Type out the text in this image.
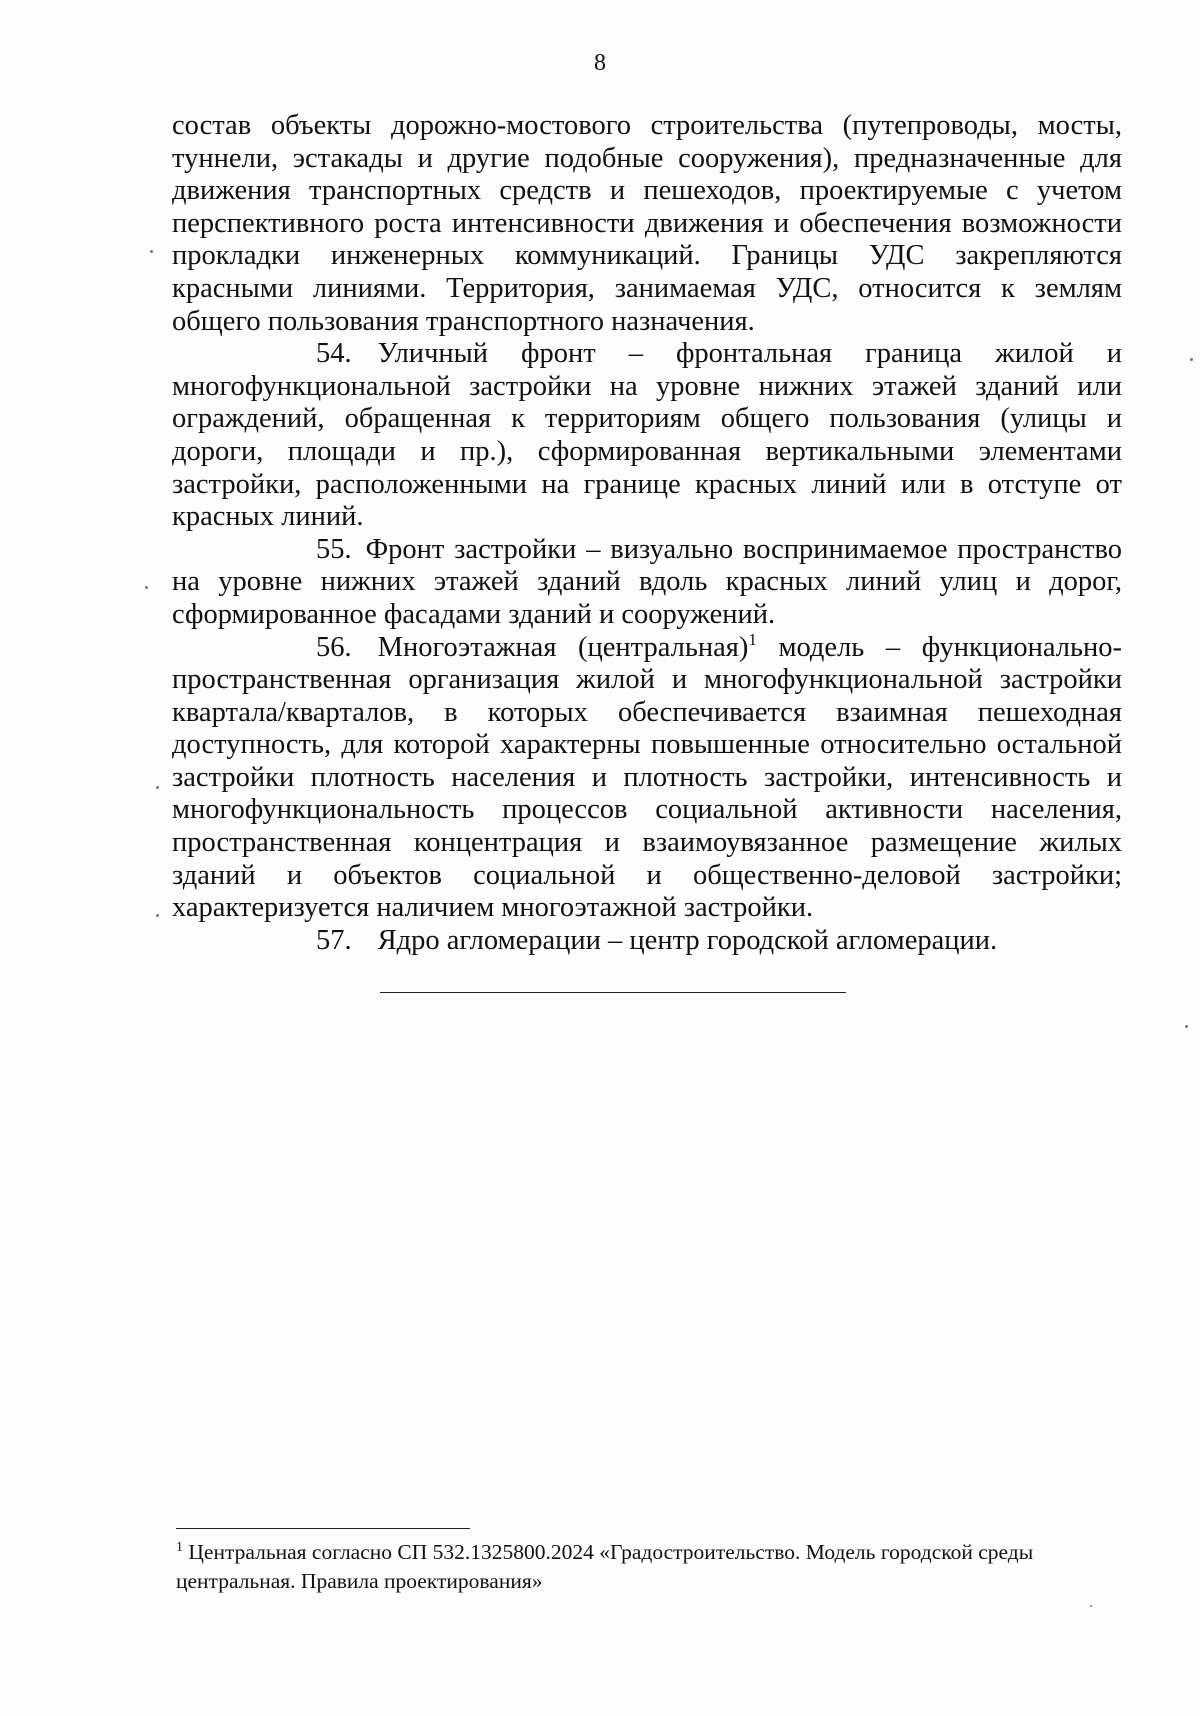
8

состав объекты дорожно-мостового строительства (путепроводы, мосты, туннели, эстакады и другие подобные сооружения), предназначенные для движения транспортных средств и пешеходов, проектируемые с учетом перспективного роста интенсивности движения и обеспечения возможности прокладки инженерных коммуникаций. Границы УДС закрепляются красными линиями. Территория, занимаемая УДС, относится к землям общего пользования транспортного назначения.

54. Уличный фронт – фронтальная граница жилой и многофункциональной застройки на уровне нижних этажей зданий или ограждений, обращенная к территориям общего пользования (улицы и дороги, площади и пр.), сформированная вертикальными элементами застройки, расположенными на границе красных линий или в отступе от красных линий.

55. Фронт застройки – визуально воспринимаемое пространство на уровне нижних этажей зданий вдоль красных линий улиц и дорог, сформированное фасадами зданий и сооружений.

56. Многоэтажная (центральная)$^1$ модель – функционально-пространственная организация жилой и многофункциональной застройки квартала/кварталов, в которых обеспечивается взаимная пешеходная доступность, для которой характерны повышенные относительно остальной застройки плотность населения и плотность застройки, интенсивность и многофункциональность процессов социальной активности населения, пространственная концентрация и взаимоувязанное размещение жилых зданий и объектов социальной и общественно-деловой застройки; характеризуется наличием многоэтажной застройки.

57. Ядро агломерации – центр городской агломерации.

$^1$ Центральная согласно СП 532.1325800.2024 «Градостроительство. Модель городской среды центральная. Правила проектирования»
